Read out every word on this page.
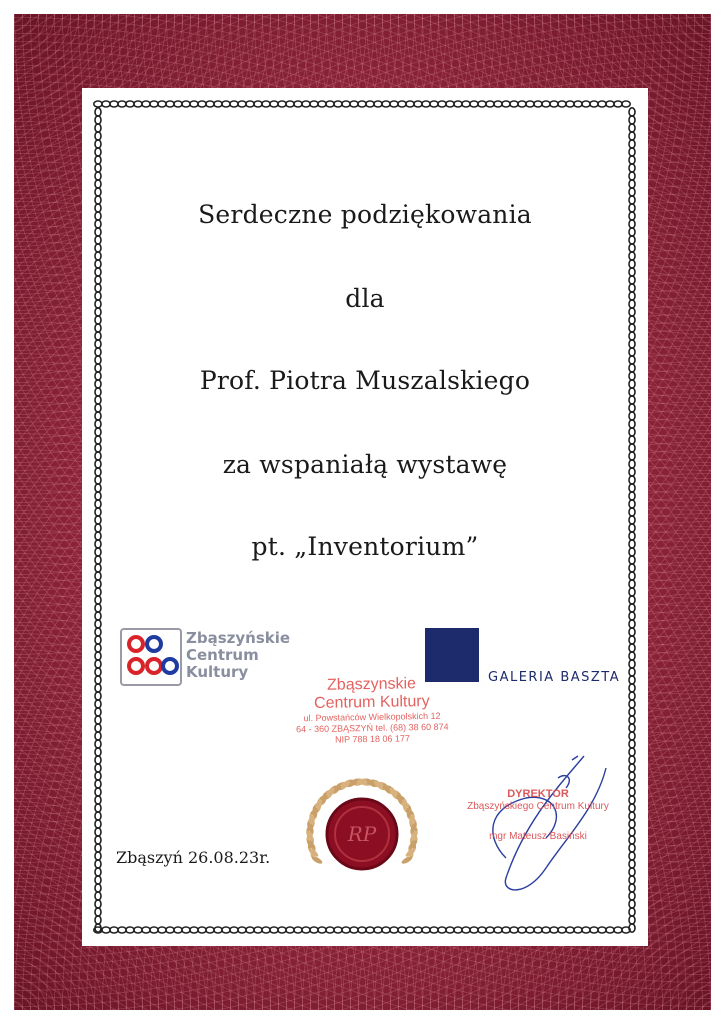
Serdeczne podziękowania
dla
Prof. Piotra Muszalskiego
za wspaniałą wystawę
pt. „Inventorium”
Zbąszyńskie
Centrum
Kultury	GALERIA BASZTA
Zbąszynskie
Centrum Kultury
ul. Powstańców Wielkopolskich 12
64 - 360 ZBĄSZYŃ tel. (68) 38 60 874
NIP 788 18 06 177
RP
Zbąszyń 26.08.23r.
DYREKTOR
Zbąszyńskiego Centrum Kultury
mgr Mateusz Basiński
